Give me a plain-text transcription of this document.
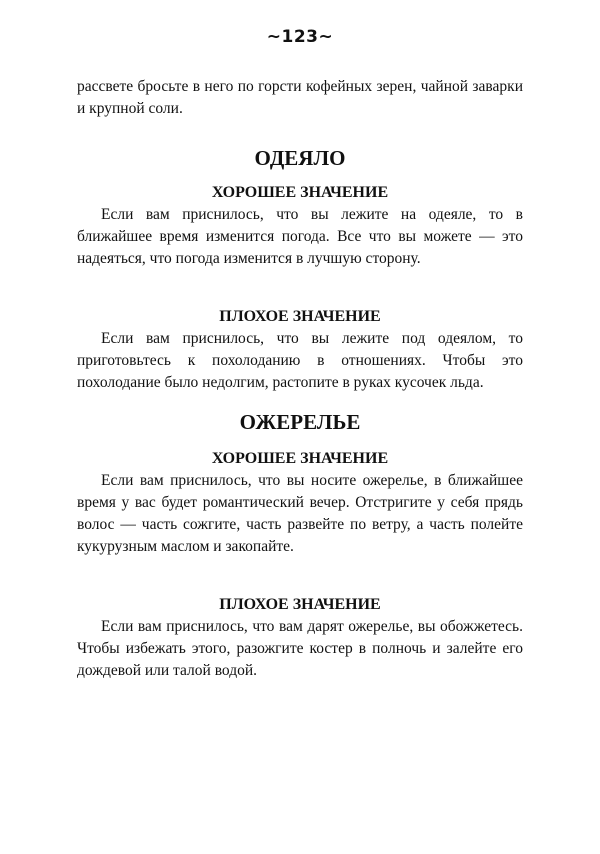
~123~

рассвете бросьте в него по горсти кофейных зерен, чайной заварки и крупной соли.

ОДЕЯЛО
ХОРОШЕЕ ЗНАЧЕНИЕ

Если вам приснилось, что вы лежите на одеяле, то в ближайшее время изменится погода. Все что вы можете — это надеяться, что погода изменится в лучшую сторону.

ПЛОХОЕ ЗНАЧЕНИЕ

Если вам приснилось, что вы лежите под одеялом, то приготовьтесь к похолоданию в отношениях. Чтобы это похолодание было недолгим, растопите в руках кусочек льда.

ОЖЕРЕЛЬЕ
ХОРОШЕЕ ЗНАЧЕНИЕ

Если вам приснилось, что вы носите ожерелье, в ближайшее время у вас будет романтический вечер. Отстригите у себя прядь волос — часть сожгите, часть развейте по ветру, а часть полейте кукурузным маслом и закопайте.

ПЛОХОЕ ЗНАЧЕНИЕ

Если вам приснилось, что вам дарят ожерелье, вы обожжетесь. Чтобы избежать этого, разожгите костер в полночь и залейте его дождевой или талой водой.
